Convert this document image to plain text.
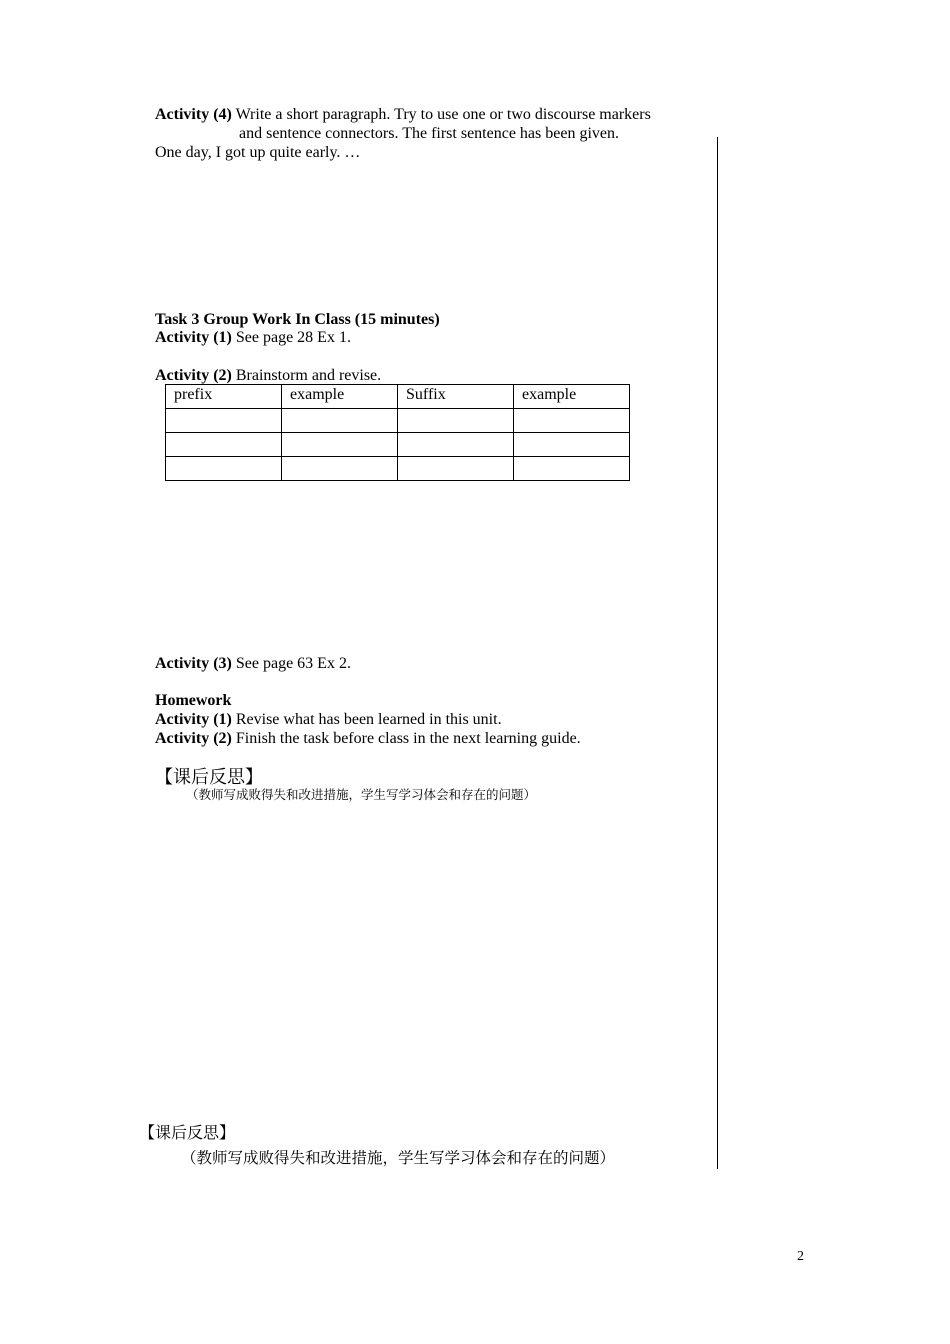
Activity (4) Write a short paragraph. Try to use one or two discourse markers
and sentence connectors. The first sentence has been given.
One day, I got up quite early. …
Task 3 Group Work In Class (15 minutes)
Activity (1) See page 28 Ex 1.
Activity (2) Brainstorm and revise.
prefix	example	Suffix	example

Activity (3) See page 63 Ex 2.
Homework
Activity (1) Revise what has been learned in this unit.
Activity (2) Finish the task before class in the next learning guide.
【课后反思】
（教师写成败得失和改进措施，学生写学习体会和存在的问题）
【课后反思】
（教师写成败得失和改进措施，学生写学习体会和存在的问题）
2
